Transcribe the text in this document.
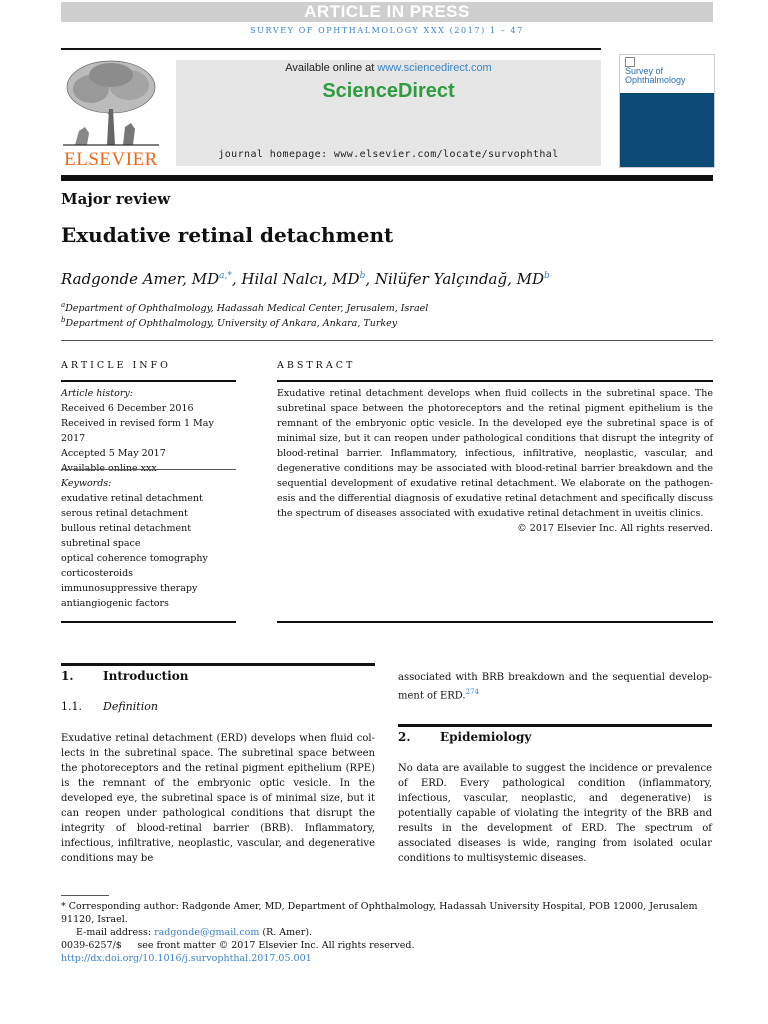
ARTICLE IN PRESS
SURVEY OF OPHTHALMOLOGY XXX (2017) 1 – 47
ELSEVIER
Available online at www.sciencedirect.com
ScienceDirect
journal homepage: www.elsevier.com/locate/survophthal
Survey of
Ophthalmology
Major review
Exudative retinal detachment
Radgonde Amer, $MD^{a,*}$, Hilal Nalcı, $MD^b$, Nilüfer Yalçındağ, $MD^b$
$^a$Department of Ophthalmology, Hadassah Medical Center, Jerusalem, Israel
$^b$Department of Ophthalmology, University of Ankara, Ankara, Turkey
ARTICLE INFO
Article history:
Received 6 December 2016
Received in revised form 1 May 2017
Accepted 5 May 2017
Keywords:
exudative retinal detachment
serous retinal detachment
bullous retinal detachment
subretinal space
optical coherence tomography
corticosteroids
immunosuppressive therapy
antiangiogenic factors
ABSTRACT
Exudative retinal detachment develops when fluid collects in the subretinal space. The subretinal space between the photoreceptors and the retinal pigment epithelium is the remnant of the embryonic optic vesicle. In the developed eye the subretinal space is of minimal size, but it can reopen under pathological conditions that disrupt the integrity of blood-retinal barrier. Inflammatory, infectious, infiltrative, neoplastic, vascular, and degenerative conditions may be associated with blood-retinal barrier breakdown and the sequential development of exudative retinal detachment. We elaborate on the pathogen-esis and the differential diagnosis of exudative retinal detachment and specifically discuss the spectrum of diseases associated with exudative retinal detachment in uveitis clinics.
© 2017 Elsevier Inc. All rights reserved.
1. Introduction
1.1. Definition
Exudative retinal detachment (ERD) develops when fluid col-lects in the subretinal space. The subretinal space between the photoreceptors and the retinal pigment epithelium (RPE) is the remnant of the embryonic optic vesicle. In the developed eye, the subretinal space is of minimal size, but it can reopen under pathological conditions that disrupt the integrity of blood-retinal barrier (BRB). Inflammatory, infectious, infiltrative, neoplastic, vascular, and degenerative conditions may be
associated with BRB breakdown and the sequential develop-ment of ERD.$^{274}$
2. Epidemiology
No data are available to suggest the incidence or prevalence of ERD. Every pathological condition (inflammatory, infectious, vascular, neoplastic, and degenerative) is potentially capable of violating the integrity of the BRB and results in the development of ERD. The spectrum of associated diseases is wide, ranging from isolated ocular conditions to multisystemic diseases.
* Corresponding author: Radgonde Amer, MD, Department of Ophthalmology, Hadassah University Hospital, POB 12000, Jerusalem 91120, Israel.
E-mail address: radgonde@gmail.com (R. Amer).
0039-6257/$   see front matter © 2017 Elsevier Inc. All rights reserved.
http://dx.doi.org/10.1016/j.survophthal.2017.05.001
